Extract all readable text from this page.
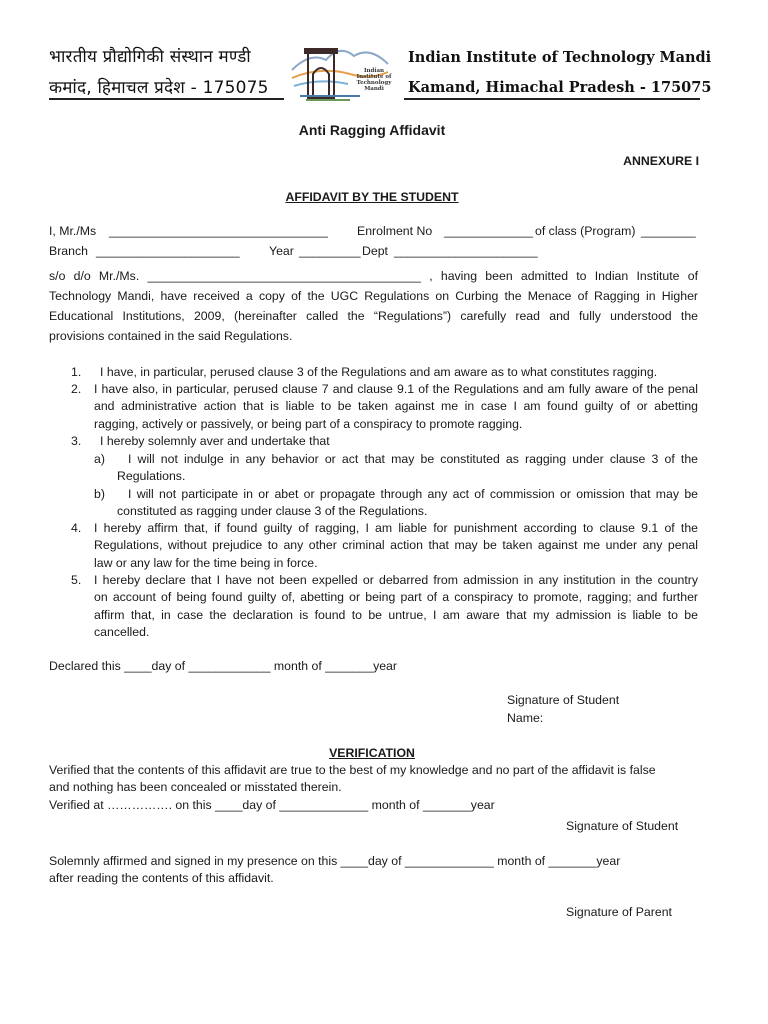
भारतीय प्रौद्योगिकी संस्थान मण्डी
कमांद, हिमाचल प्रदेश - 175075
Indian
Institute of
Technology
Mandi
Indian Institute of Technology Mandi
Kamand, Himachal Pradesh - 175075
Anti Ragging Affidavit
ANNEXURE I
AFFIDAVIT BY THE STUDENT
I, Mr./Ms ________________________________ Enrolment No _____________ of class (Program) ________
Branch _____________________ Year _________ Dept _____________________
s/o d/o Mr./Ms. ________________________________________ , having been admitted to Indian Institute of
Technology Mandi, have received a copy of the UGC Regulations on Curbing the Menace of Ragging in Higher
Educational Institutions, 2009, (hereinafter called the “Regulations”) carefully read and fully understood the
provisions contained in the said Regulations.
1. I have, in particular, perused clause 3 of the Regulations and am aware as to what constitutes ragging.
2. I have also, in particular, perused clause 7 and clause 9.1 of the Regulations and am fully aware of the penal
and administrative action that is liable to be taken against me in case I am found guilty of or abetting
ragging, actively or passively, or being part of a conspiracy to promote ragging.
3. I hereby solemnly aver and undertake that
a) I will not indulge in any behavior or act that may be constituted as ragging under clause 3 of the
Regulations.
b) I will not participate in or abet or propagate through any act of commission or omission that may be
constituted as ragging under clause 3 of the Regulations.
4. I hereby affirm that, if found guilty of ragging, I am liable for punishment according to clause 9.1 of the
Regulations, without prejudice to any other criminal action that may be taken against me under any penal
law or any law for the time being in force.
5. I hereby declare that I have not been expelled or debarred from admission in any institution in the country
on account of being found guilty of, abetting or being part of a conspiracy to promote, ragging; and further
affirm that, in case the declaration is found to be untrue, I am aware that my admission is liable to be
cancelled.
Declared this ____day of ____________ month of _______year
Signature of Student
Name:
VERIFICATION
Verified that the contents of this affidavit are true to the best of my knowledge and no part of the affidavit is false
and nothing has been concealed or misstated therein.
Verified at ……………. on this ____day of _____________ month of _______year
Signature of Student
Solemnly affirmed and signed in my presence on this ____day of _____________ month of _______year
after reading the contents of this affidavit.
Signature of Parent
